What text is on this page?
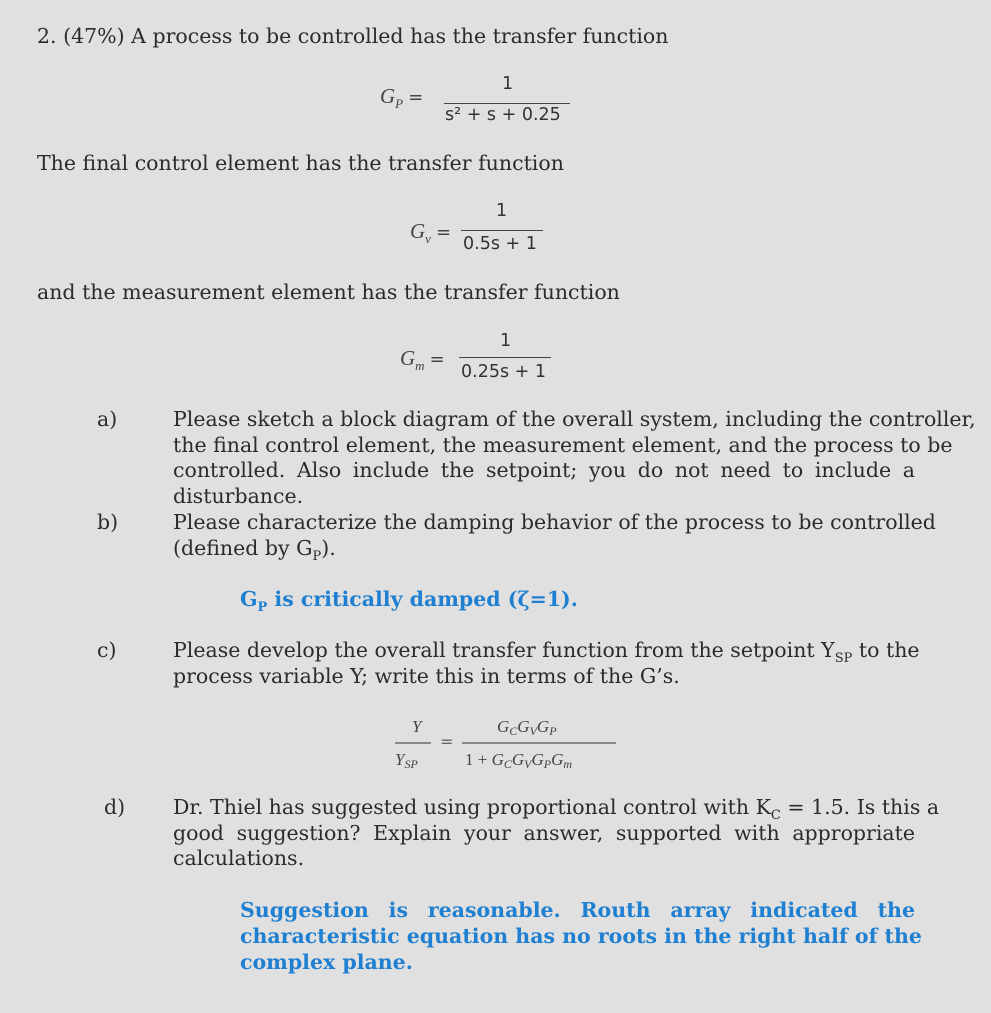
2. (47%) A process to be controlled has the transfer function
$G_P$ =
1
s² + s + 0.25
The final control element has the transfer function
$G_v$ =
1
0.5s + 1
and the measurement element has the transfer function
$G_m$ =
1
0.25s + 1
a)	Please sketch a block diagram of the overall system, including the controller,
the final control element, the measurement element, and the process to be
controlled. Also include the setpoint; you do not need to include a
disturbance.
b)	Please characterize the damping behavior of the process to be controlled
(defined by $G_P$).
$G_P$ is critically damped (ζ=1).
c)	Please develop the overall transfer function from the setpoint $Y_{SP}$ to the
process variable Y; write this in terms of the G’s.
Y
YSP
=
GCGVGP
1 + GCGVGPGm
d) Dr. Thiel has suggested using proportional control with $K_C = 1.5$. Is this a
good suggestion? Explain your answer, supported with appropriate
calculations.
Suggestion is reasonable. Routh array indicated the
characteristic equation has no roots in the right half of the
complex plane.
